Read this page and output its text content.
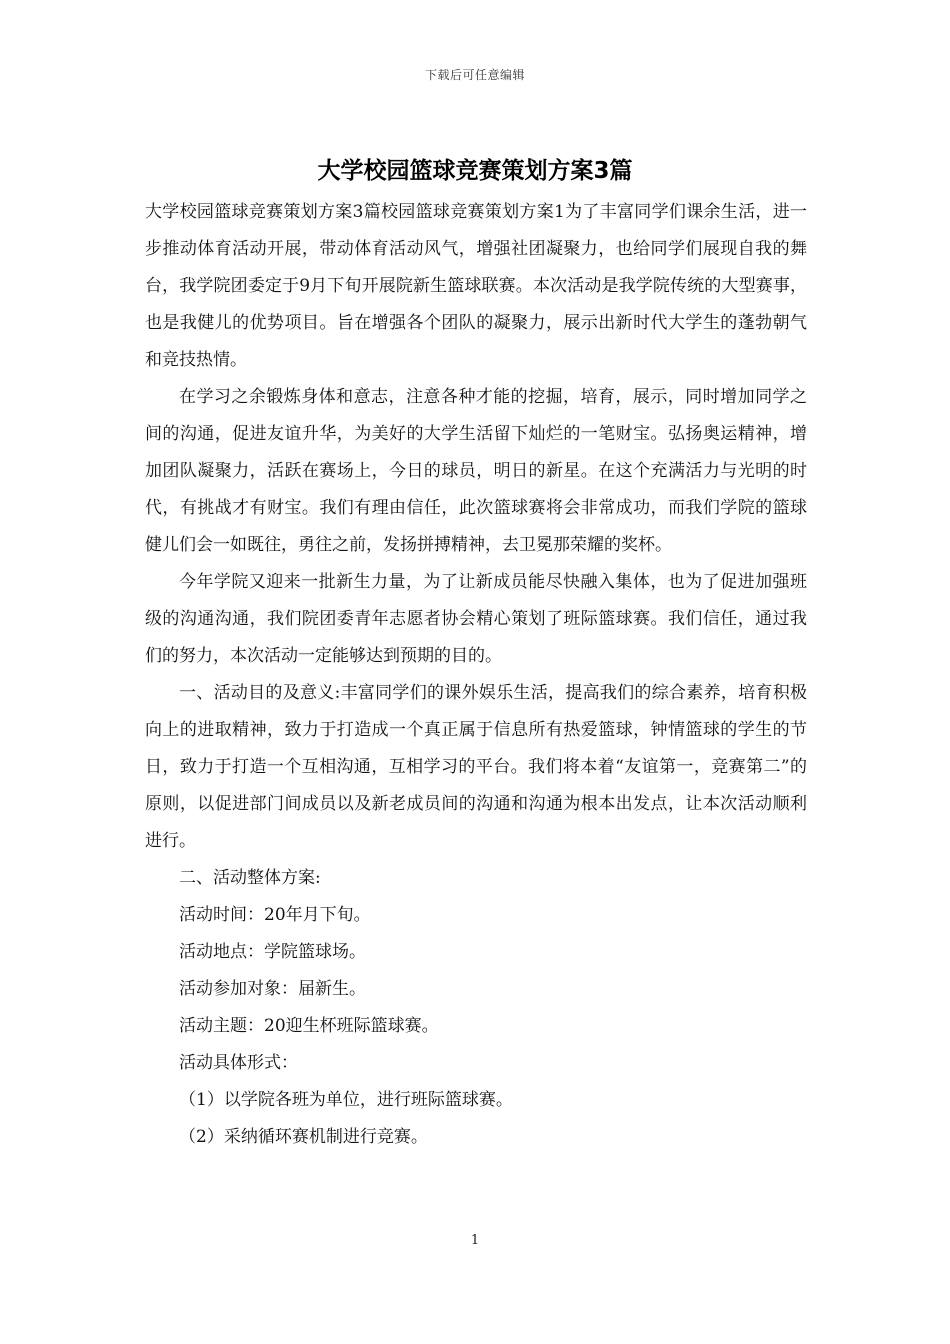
下载后可任意编辑
大学校园篮球竞赛策划方案3篇

大学校园篮球竞赛策划方案3篇校园篮球竞赛策划方案1为了丰富同学们课余生活，进一步推动体育活动开展，带动体育活动风气，增强社团凝聚力，也给同学们展现自我的舞台，我学院团委定于9月下旬开展院新生篮球联赛。本次活动是我学院传统的大型赛事，也是我健儿的优势项目。旨在增强各个团队的凝聚力，展示出新时代大学生的蓬勃朝气和竞技热情。

在学习之余锻炼身体和意志，注意各种才能的挖掘，培育，展示，同时增加同学之间的沟通，促进友谊升华，为美好的大学生活留下灿烂的一笔财宝。弘扬奥运精神，增加团队凝聚力，活跃在赛场上，今日的球员，明日的新星。在这个充满活力与光明的时代，有挑战才有财宝。我们有理由信任，此次篮球赛将会非常成功，而我们学院的篮球健儿们会一如既往，勇往之前，发扬拼搏精神，去卫冕那荣耀的奖杯。

今年学院又迎来一批新生力量，为了让新成员能尽快融入集体，也为了促进加强班级的沟通沟通，我们院团委青年志愿者协会精心策划了班际篮球赛。我们信任，通过我们的努力，本次活动一定能够达到预期的目的。

一、活动目的及意义:丰富同学们的课外娱乐生活，提高我们的综合素养，培育积极向上的进取精神，致力于打造成一个真正属于信息所有热爱篮球，钟情篮球的学生的节日，致力于打造一个互相沟通，互相学习的平台。我们将本着“友谊第一，竞赛第二”的原则，以促进部门间成员以及新老成员间的沟通和沟通为根本出发点，让本次活动顺利进行。

二、活动整体方案:

活动时间：20年月下旬。

活动地点：学院篮球场。

活动参加对象：届新生。

活动主题：20迎生杯班际篮球赛。

活动具体形式：

（1）以学院各班为单位，进行班际篮球赛。

（2）采纳循环赛机制进行竞赛。

1
